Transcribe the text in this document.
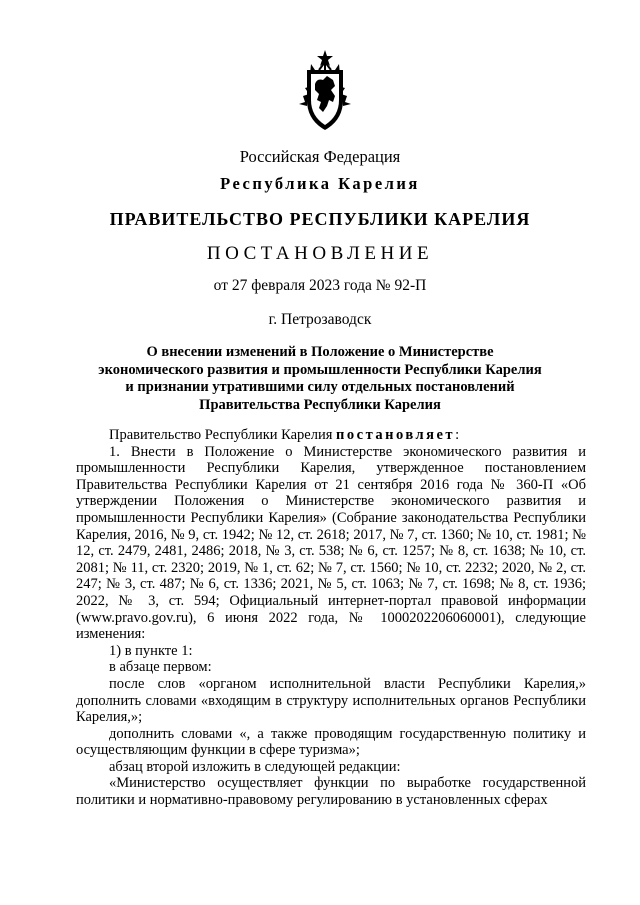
Российская Федерация
Республика Карелия
ПРАВИТЕЛЬСТВО РЕСПУБЛИКИ КАРЕЛИЯ
ПОСТАНОВЛЕНИЕ
от 27 февраля 2023 года № 92-П
г. Петрозаводск
О внесении изменений в Положение о Министерстве экономического развития и промышленности Республики Карелия и признании утратившими силу отдельных постановлений Правительства Республики Карелия

Правительство Республики Карелия постановляет:

1. Внести в Положение о Министерстве экономического развития и промышленности Республики Карелия, утвержденное постановлением Правительства Республики Карелия от 21 сентября 2016 года № 360-П «Об утверждении Положения о Министерстве экономического развития и промышленности Республики Карелия» (Собрание законодательства Республики Карелия, 2016, № 9, ст. 1942; № 12, ст. 2618; 2017, № 7, ст. 1360; № 10, ст. 1981; № 12, ст. 2479, 2481, 2486; 2018, № 3, ст. 538; № 6, ст. 1257; № 8, ст. 1638; № 10, ст. 2081; № 11, ст. 2320; 2019, № 1, ст. 62; № 7, ст. 1560; № 10, ст. 2232; 2020, № 2, ст. 247; № 3, ст. 487; № 6, ст. 1336; 2021, № 5, ст. 1063; № 7, ст. 1698; № 8, ст. 1936; 2022, № 3, ст. 594; Официальный интернет-портал правовой информации (www.pravo.gov.ru), 6 июня 2022 года, № 1000202206060001), следующие изменения:

1) в пункте 1:

в абзаце первом:

после слов «органом исполнительной власти Республики Карелия,» дополнить словами «входящим в структуру исполнительных органов Республики Карелия,»;

дополнить словами «, а также проводящим государственную политику и осуществляющим функции в сфере туризма»;

абзац второй изложить в следующей редакции:

«Министерство осуществляет функции по выработке государственной политики и нормативно-правовому регулированию в установленных сферах
